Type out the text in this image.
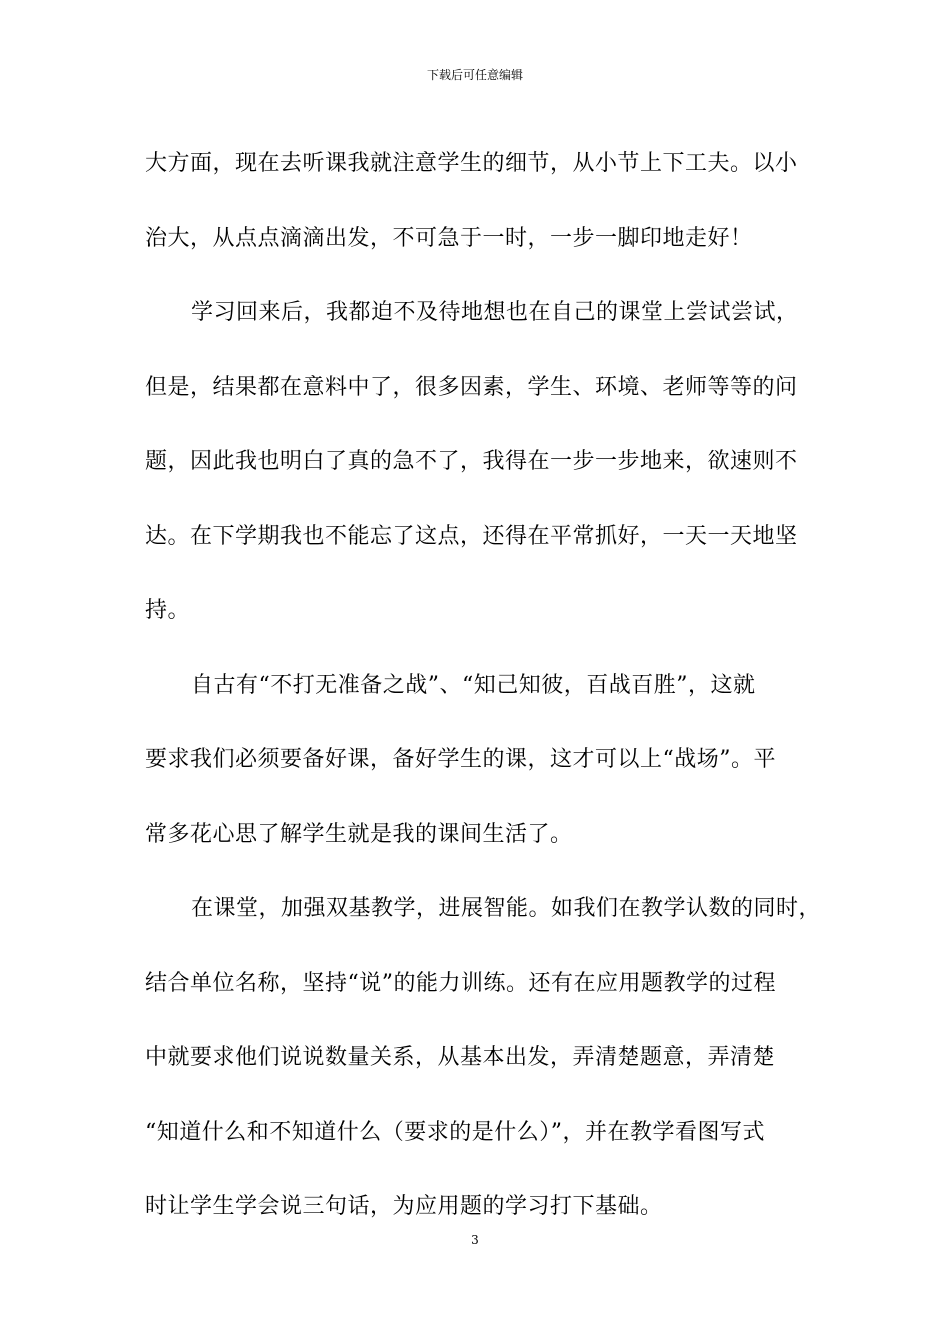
下载后可任意编辑
大方面，现在去听课我就注意学生的细节，从小节上下工夫。以小
治大，从点点滴滴出发，不可急于一时，一步一脚印地走好！
学习回来后，我都迫不及待地想也在自己的课堂上尝试尝试，
但是，结果都在意料中了，很多因素，学生、环境、老师等等的问
题，因此我也明白了真的急不了，我得在一步一步地来，欲速则不
达。在下学期我也不能忘了这点，还得在平常抓好，一天一天地坚
持。
自古有“不打无准备之战”、“知己知彼，百战百胜”，这就
要求我们必须要备好课，备好学生的课，这才可以上“战场”。平
常多花心思了解学生就是我的课间生活了。
在课堂，加强双基教学，进展智能。如我们在教学认数的同时，
结合单位名称，坚持“说”的能力训练。还有在应用题教学的过程
中就要求他们说说数量关系，从基本出发，弄清楚题意，弄清楚
“知道什么和不知道什么（要求的是什么）”，并在教学看图写式
时让学生学会说三句话，为应用题的学习打下基础。
3
